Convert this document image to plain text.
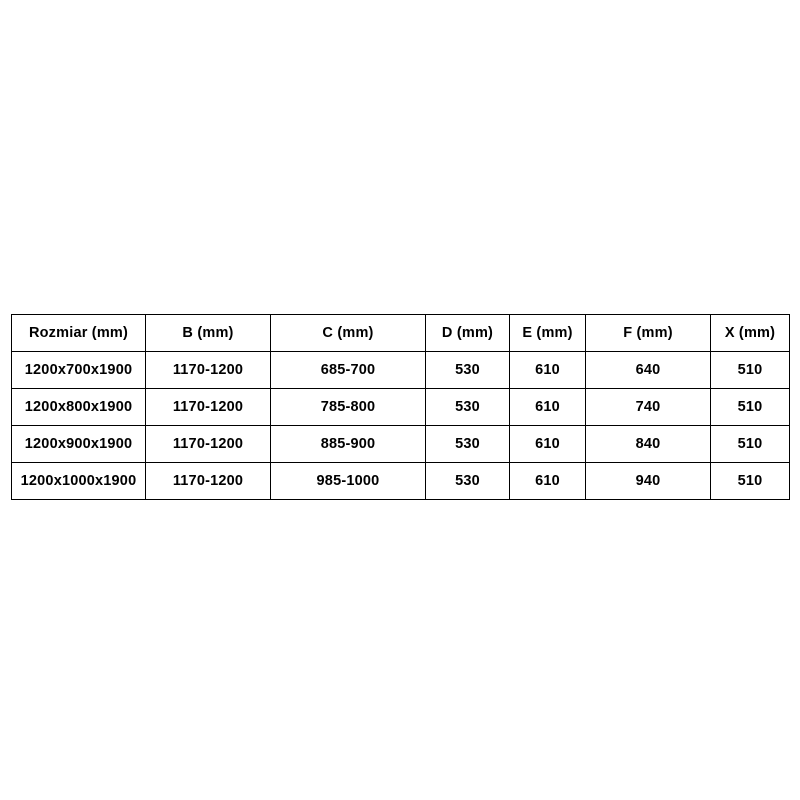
Rozmiar (mm)	B (mm)	C (mm)	D (mm)	E (mm)	F (mm)	X (mm)
1200x700x1900	1170-1200	685-700	530	610	640	510
1200x800x1900	1170-1200	785-800	530	610	740	510
1200x900x1900	1170-1200	885-900	530	610	840	510
1200x1000x1900	1170-1200	985-1000	530	610	940	510
